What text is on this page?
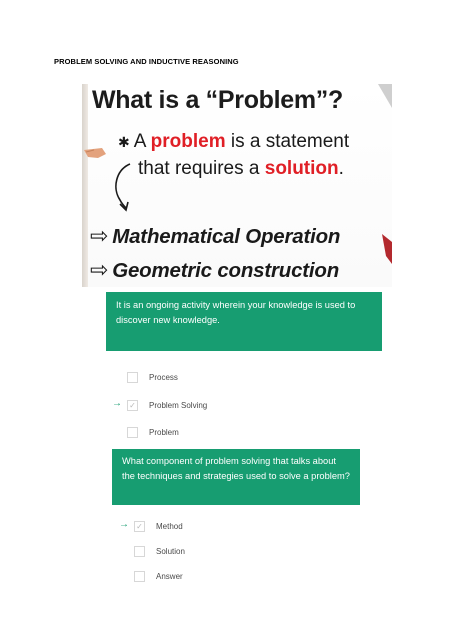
PROBLEM SOLVING AND INDUCTIVE REASONING
What is a “Problem”?
✱ A problem is a statement
that requires a solution.
⇨ Mathematical Operation
⇨ Geometric construction
It is an ongoing activity wherein your knowledge is used to discover new knowledge.
Process
→ ✓ Problem Solving
Problem
What component of problem solving that talks about the techniques and strategies used to solve a problem?
→ ✓ Method
Solution
Answer
